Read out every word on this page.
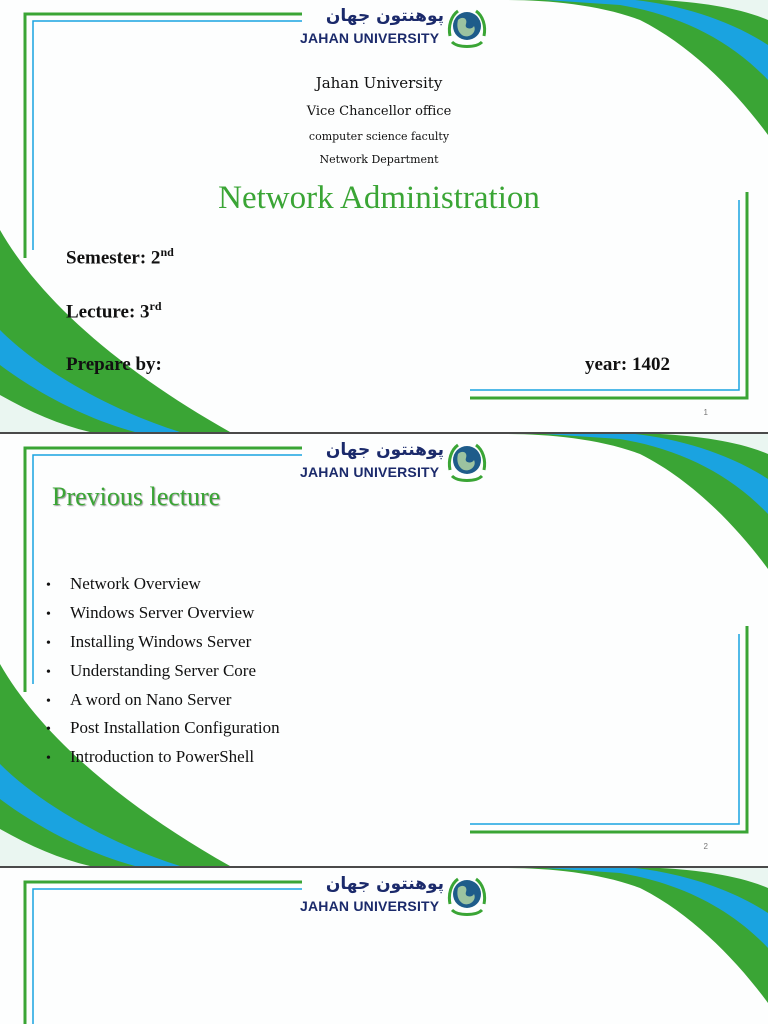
پوهنتون جهان
JAHAN UNIVERSITY
Jahan University
Vice Chancellor office
computer science faculty
Network Department
Network Administration
Semester: 2nd
Lecture: 3rd
Prepare by:	year: 1402
1
پوهنتون جهان
JAHAN UNIVERSITY
Previous lecture
• Network Overview
• Windows Server Overview
• Installing Windows Server
• Understanding Server Core
• A word on Nano Server
• Post Installation Configuration
• Introduction to PowerShell
2
پوهنتون جهان
JAHAN UNIVERSITY
